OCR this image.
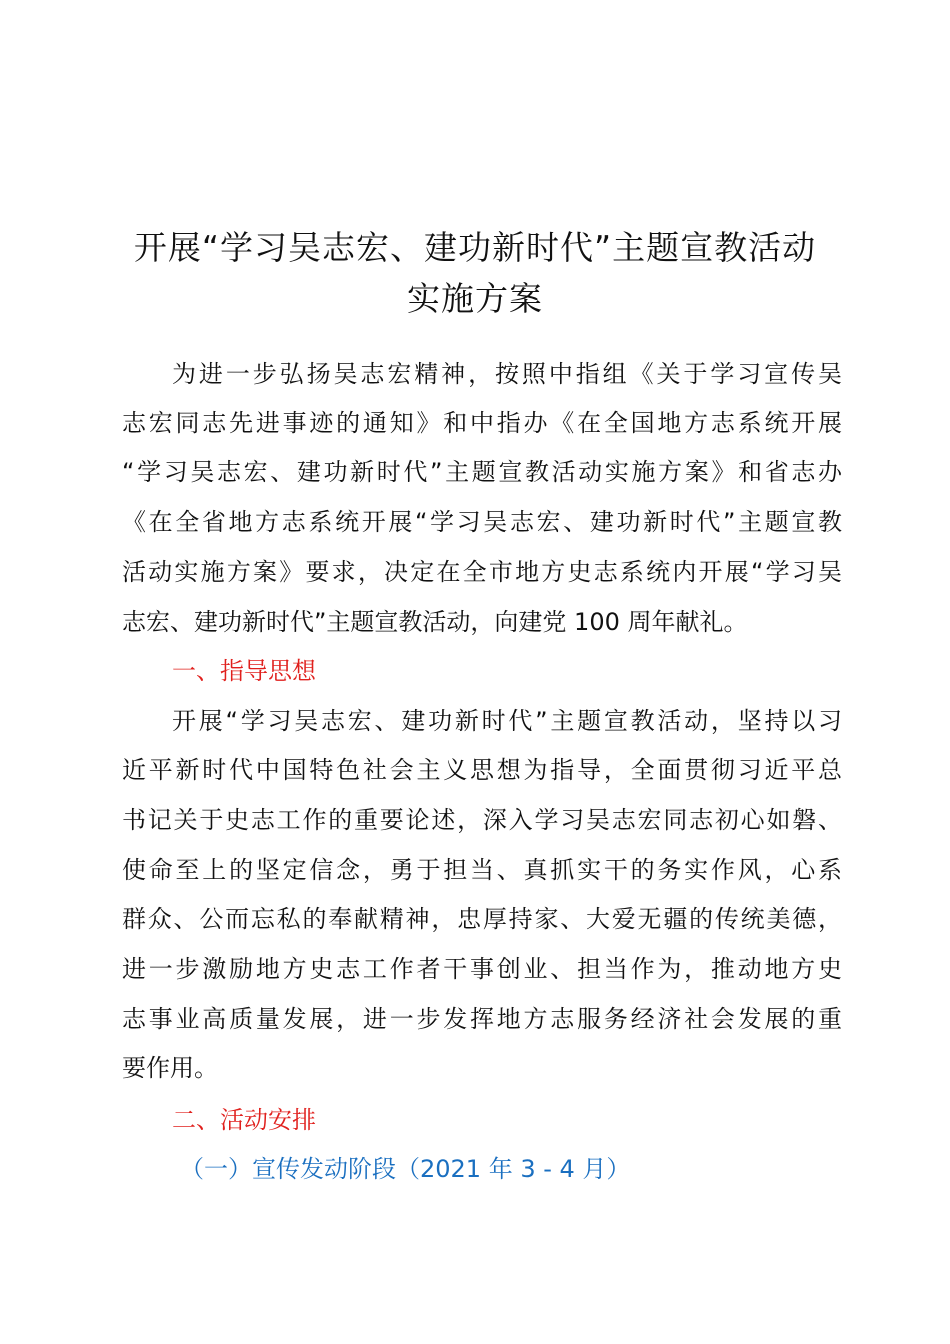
开展“学习吴志宏、建功新时代”主题宣教活动
实施方案
为进一步弘扬吴志宏精神，按照中指组《关于学习宣传吴
志宏同志先进事迹的通知》和中指办《在全国地方志系统开展
“学习吴志宏、建功新时代”主题宣教活动实施方案》和省志办
《在全省地方志系统开展“学习吴志宏、建功新时代”主题宣教
活动实施方案》要求，决定在全市地方史志系统内开展“学习吴
志宏、建功新时代”主题宣教活动，向建党 100 周年献礼。
一、指导思想
开展“学习吴志宏、建功新时代”主题宣教活动，坚持以习
近平新时代中国特色社会主义思想为指导，全面贯彻习近平总
书记关于史志工作的重要论述，深入学习吴志宏同志初心如磐、
使命至上的坚定信念，勇于担当、真抓实干的务实作风，心系
群众、公而忘私的奉献精神，忠厚持家、大爱无疆的传统美德，
进一步激励地方史志工作者干事创业、担当作为，推动地方史
志事业高质量发展，进一步发挥地方志服务经济社会发展的重
要作用。
二、活动安排
（一）宣传发动阶段（2021 年 3 - 4 月）
